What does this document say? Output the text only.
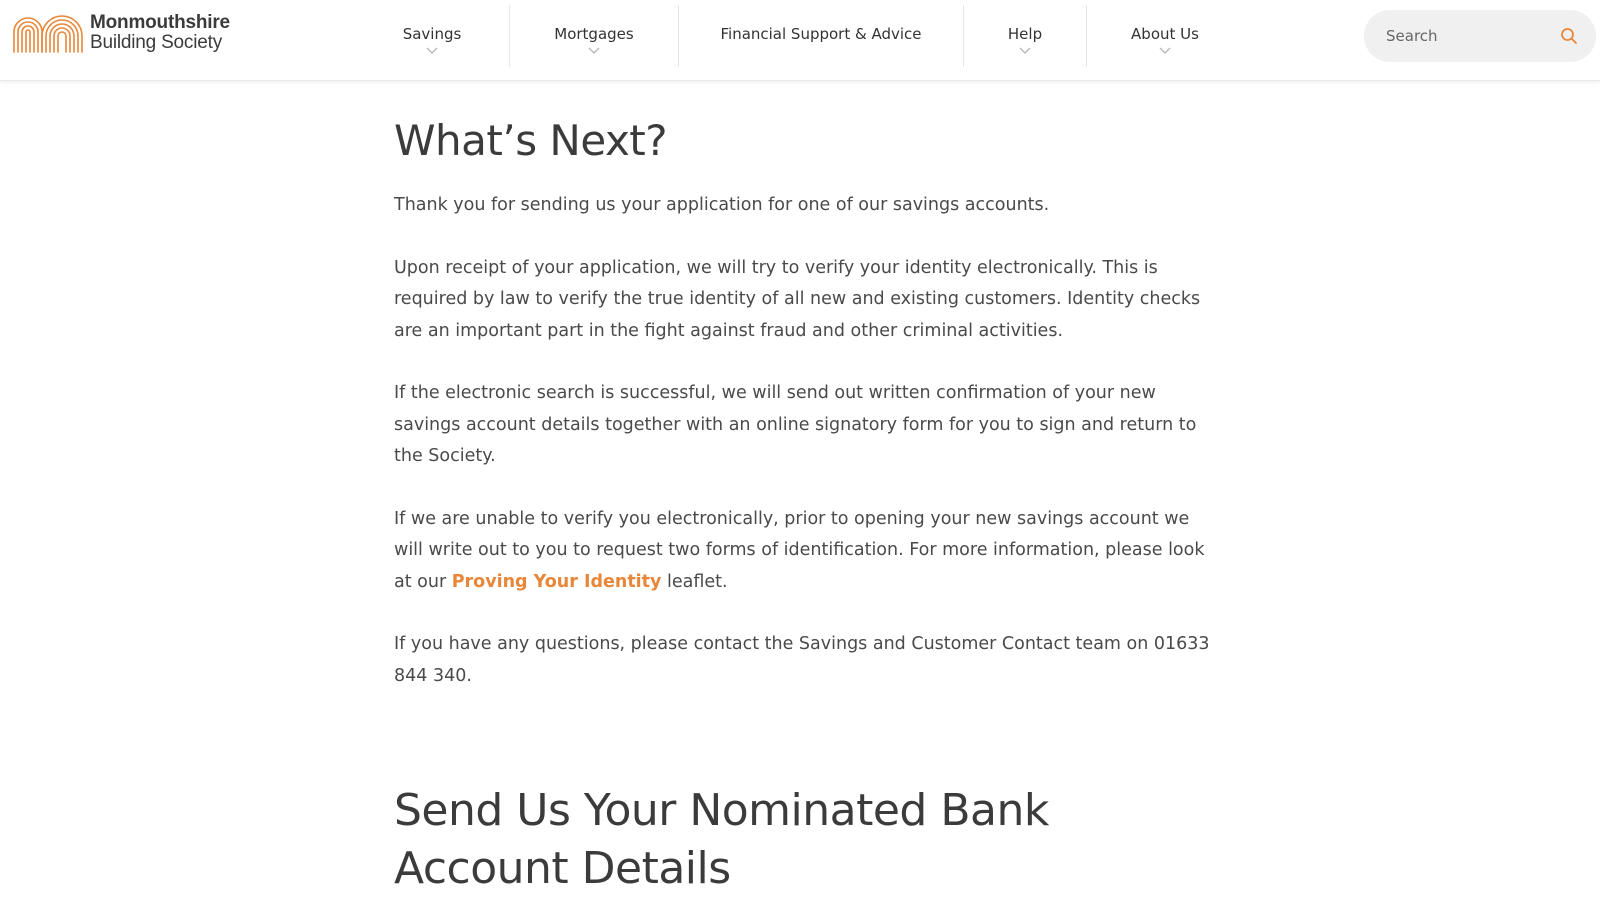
Monmouthshire
Building Society	Savings	Mortgages	Financial Support & Advice	Help	About Us
Search
What’s Next?

Thank you for sending us your application for one of our savings accounts.

Upon receipt of your application, we will try to verify your identity electronically. This is required by law to verify the true identity of all new and existing customers. Identity checks are an important part in the fight against fraud and other criminal activities.

If the electronic search is successful, we will send out written confirmation of your new savings account details together with an online signatory form for you to sign and return to the Society.

If we are unable to verify you electronically, prior to opening your new savings account we will write out to you to request two forms of identification. For more information, please look at our Proving Your Identity leaflet.

If you have any questions, please contact the Savings and Customer Contact team on 01633 844 340.

Send Us Your Nominated Bank Account Details
